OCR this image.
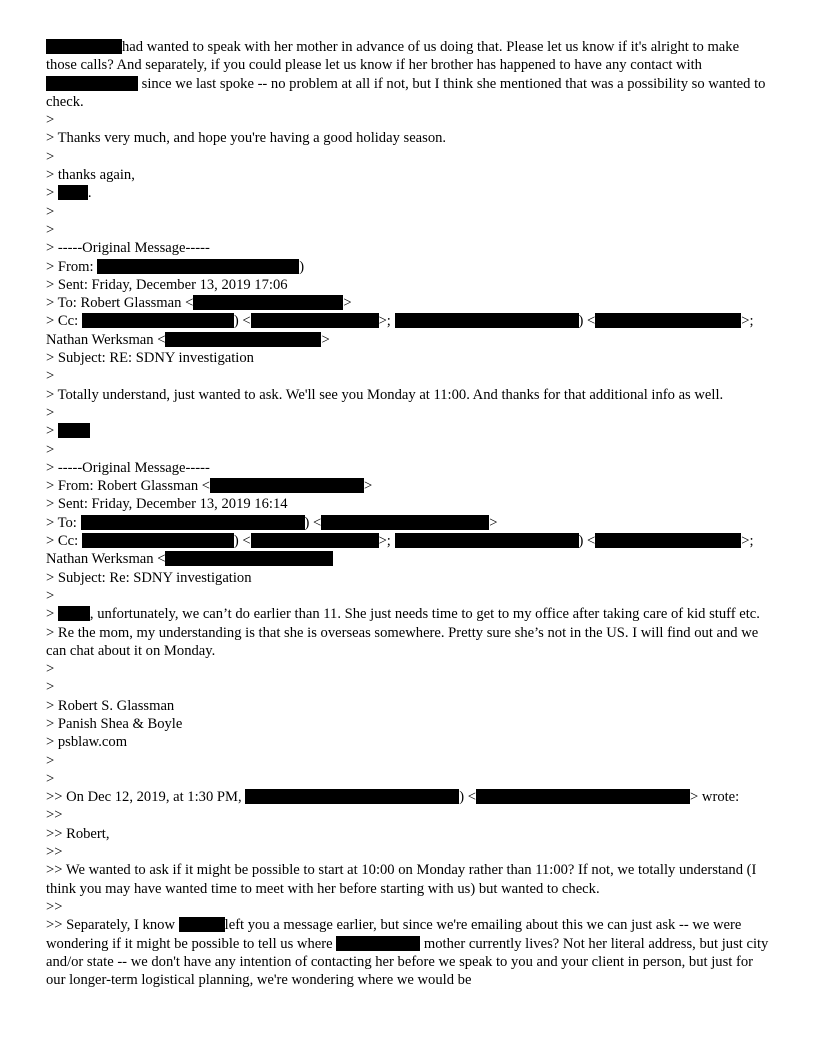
had wanted to speak with her mother in advance of us doing that. Please let us know if it's alright to make those calls? And separately, if you could please let us know if her brother has happened to have any contact with  since we last spoke -- no problem at all if not, but I think she mentioned that was a possibility so wanted to check.

>

> Thanks very much, and hope you're having a good holiday season.

>

> thanks again,

> .

>

>

> -----Original Message-----

> From:	)

> Sent: Friday, December 13, 2019 17:06

> To: Robert Glassman <	>

> Cc:	) <	>;	) <	>;

Nathan Werksman <	>

> Subject: RE: SDNY investigation

>

> Totally understand, just wanted to ask. We'll see you Monday at 11:00. And thanks for that additional info as well.

>

>

>

> -----Original Message-----

> From: Robert Glassman <	>

> Sent: Friday, December 13, 2019 16:14

> To:	) <	>

> Cc:	) <	>;	) <	>;

Nathan Werksman <

> Subject: Re: SDNY investigation

>

> , unfortunately, we can’t do earlier than 11. She just needs time to get to my office after taking care of kid stuff etc.

> Re the mom, my understanding is that she is overseas somewhere. Pretty sure she’s not in the US. I will find out and we can chat about it on Monday.

>

>

> Robert S. Glassman

> Panish Shea & Boyle

> psblaw.com

>

>

>> On Dec 12, 2019, at 1:30 PM,	) <	> wrote:

>>

>> Robert,

>>

>> We wanted to ask if it might be possible to start at 10:00 on Monday rather than 11:00? If not, we totally understand (I think you may have wanted time to meet with her before starting with us) but wanted to check.

>>

>> Separately, I know	left you a message earlier, but since we're emailing about this we can just ask -- we were wondering if it might be possible to tell us where	mother currently lives? Not her literal address, but just city and/or state -- we don't have any intention of contacting her before we speak to you and your client in person, but just for our longer-term logistical planning, we're wondering where we would be
